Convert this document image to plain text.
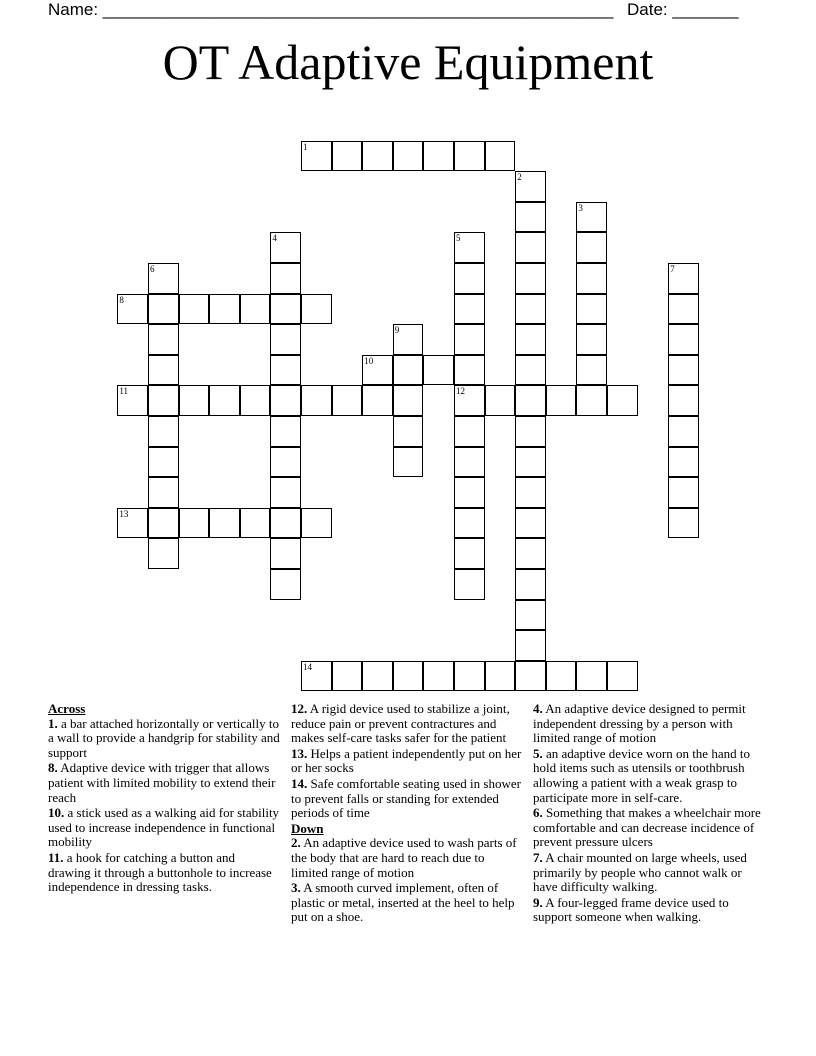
Name: ______________________________________________________ Date: _______
OT Adaptive Equipment
1
2
3
4	5
6	7
8
9
10
11	12
13
14

Across

1. a bar attached horizontally or vertically to a wall to provide a handgrip for stability and support
8. Adaptive device with trigger that allows patient with limited mobility to extend their reach
10. a stick used as a walking aid for stability used to increase independence in functional mobility
11. a hook for catching a button and drawing it through a buttonhole to increase independence in dressing tasks.
12. A rigid device used to stabilize a joint, reduce pain or prevent contractures and makes self-care tasks safer for the patient
13. Helps a patient independently put on her or her socks
14. Safe comfortable seating used in shower to prevent falls or standing for extended periods of time

Down

2. An adaptive device used to wash parts of the body that are hard to reach due to limited range of motion
3. A smooth curved implement, often of plastic or metal, inserted at the heel to help put on a shoe.
4. An adaptive device designed to permit independent dressing by a person with limited range of motion
5. an adaptive device worn on the hand to hold items such as utensils or toothbrush allowing a patient with a weak grasp to participate more in self-care.
6. Something that makes a wheelchair more comfortable and can decrease incidence of prevent pressure ulcers
7. A chair mounted on large wheels, used primarily by people who cannot walk or have difficulty walking.
9. A four-legged frame device used to support someone when walking.
